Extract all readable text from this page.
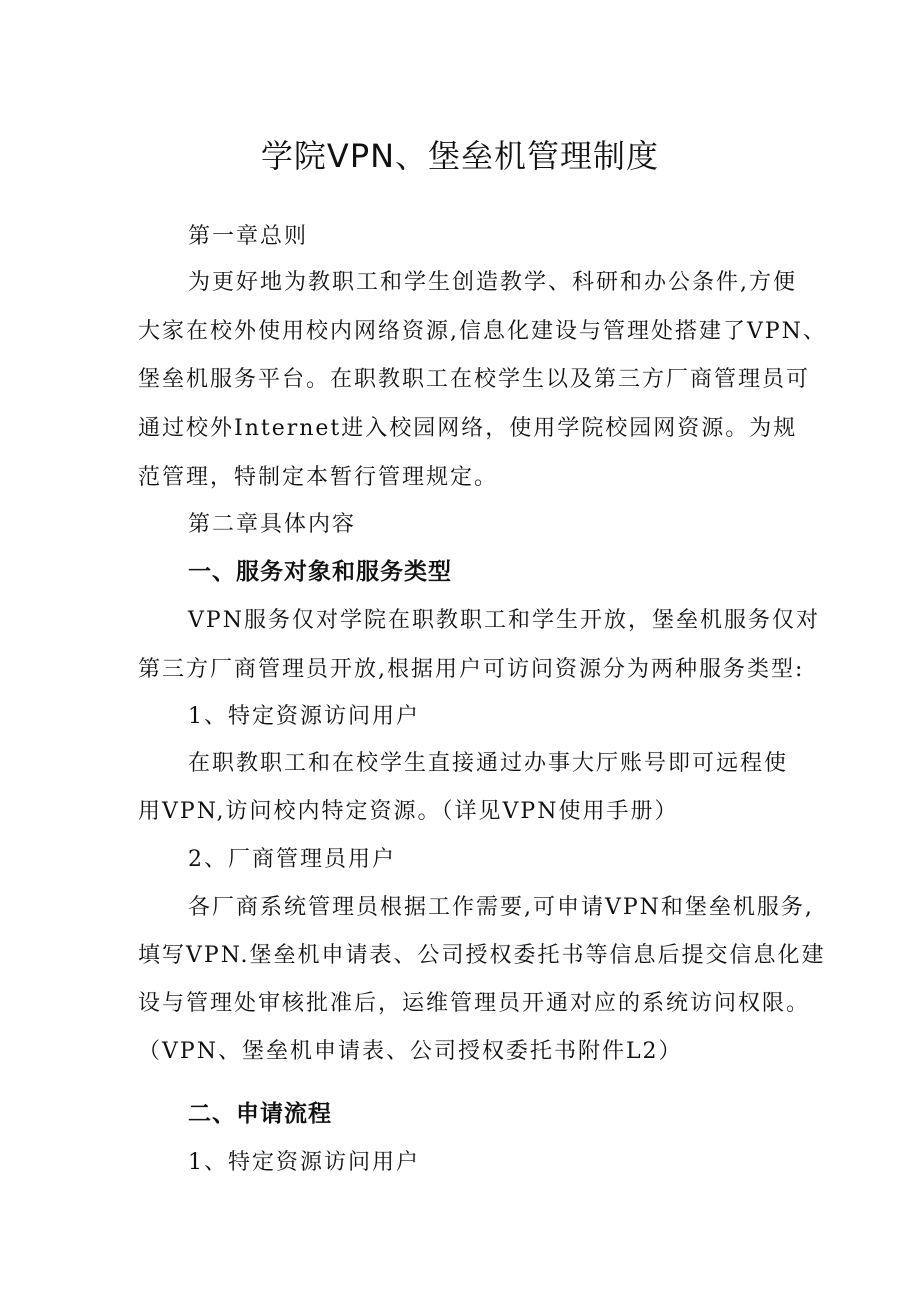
学院VPN、堡垒机管理制度
第一章总则
为更好地为教职工和学生创造教学、科研和办公条件,方便
大家在校外使用校内网络资源,信息化建设与管理处搭建了VPN、
堡垒机服务平台。在职教职工在校学生以及第三方厂商管理员可
通过校外Internet进入校园网络，使用学院校园网资源。为规
范管理，特制定本暂行管理规定。
第二章具体内容
一、服务对象和服务类型
VPN服务仅对学院在职教职工和学生开放，堡垒机服务仅对
第三方厂商管理员开放,根据用户可访问资源分为两种服务类型:
1、特定资源访问用户
在职教职工和在校学生直接通过办事大厅账号即可远程使
用VPN,访问校内特定资源。（详见VPN使用手册）
2、厂商管理员用户
各厂商系统管理员根据工作需要,可申请VPN和堡垒机服务,
填写VPN.堡垒机申请表、公司授权委托书等信息后提交信息化建
设与管理处审核批准后，运维管理员开通对应的系统访问权限。
（VPN、堡垒机申请表、公司授权委托书附件L2）
二、申请流程
1、特定资源访问用户
